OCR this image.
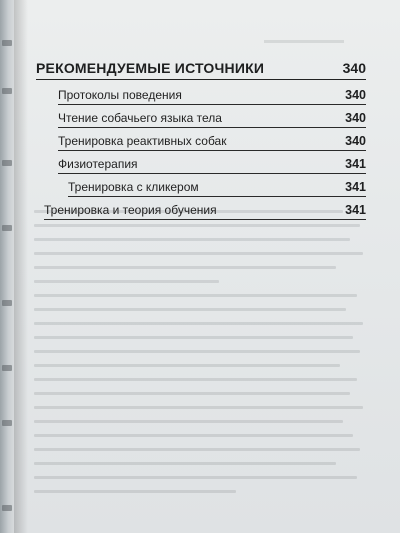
РЕКОМЕНДУЕМЫЕ ИСТОЧНИКИ	340
Протоколы поведения	340
Чтение собачьего языка тела	340
Тренировка реактивных собак	340
Физиотерапия	341
Тренировка с кликером	341
Тренировка и теория обучения	341
